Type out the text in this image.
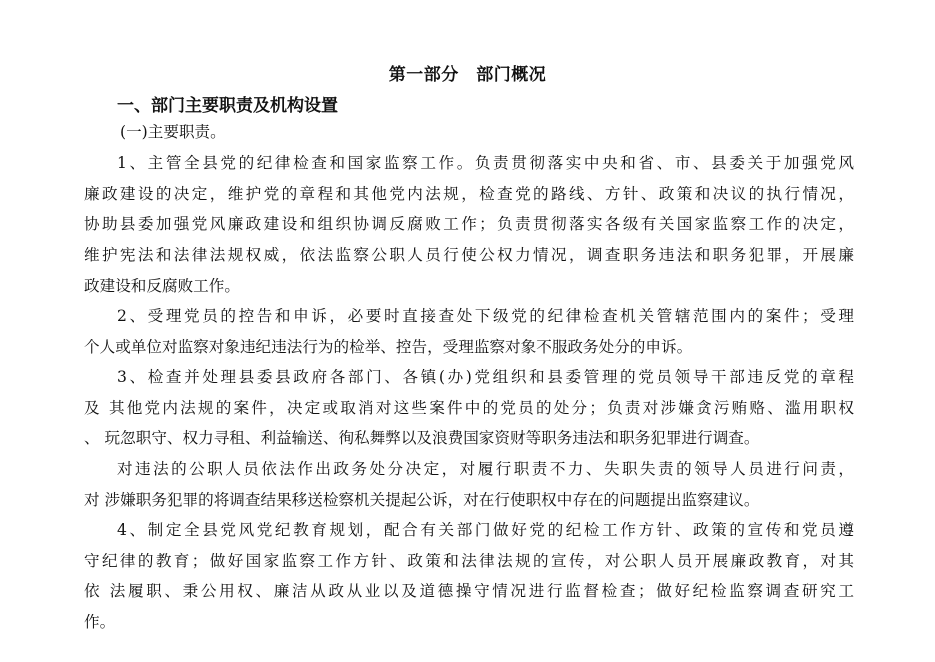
第一部分　部门概况
一、部门主要职责及机构设置
(一)主要职责。
1、主管全县党的纪律检查和国家监察工作。负责贯彻落实中央和省、市、县委关于加强党风
廉政建设的决定，维护党的章程和其他党内法规，检查党的路线、方针、政策和决议的执行情况，
协助县委加强党风廉政建设和组织协调反腐败工作；负责贯彻落实各级有关国家监察工作的决定，
维护宪法和法律法规权威，依法监察公职人员行使公权力情况，调查职务违法和职务犯罪，开展廉
政建设和反腐败工作。
2、受理党员的控告和申诉，必要时直接查处下级党的纪律检查机关管辖范围内的案件；受理
个人或单位对监察对象违纪违法行为的检举、控告，受理监察对象不服政务处分的申诉。
3、检查并处理县委县政府各部门、各镇(办)党组织和县委管理的党员领导干部违反党的章程
及 其他党内法规的案件，决定或取消对这些案件中的党员的处分；负责对涉嫌贪污贿赂、滥用职权
、 玩忽职守、权力寻租、利益输送、徇私舞弊以及浪费国家资财等职务违法和职务犯罪进行调查。
对违法的公职人员依法作出政务处分决定，对履行职责不力、失职失责的领导人员进行问责，
对 涉嫌职务犯罪的将调查结果移送检察机关提起公诉，对在行使职权中存在的问题提出监察建议。
4、制定全县党风党纪教育规划，配合有关部门做好党的纪检工作方针、政策的宣传和党员遵
守纪律的教育；做好国家监察工作方针、政策和法律法规的宣传，对公职人员开展廉政教育，对其
依 法履职、秉公用权、廉洁从政从业以及道德操守情况进行监督检查；做好纪检监察调查研究工
作。
